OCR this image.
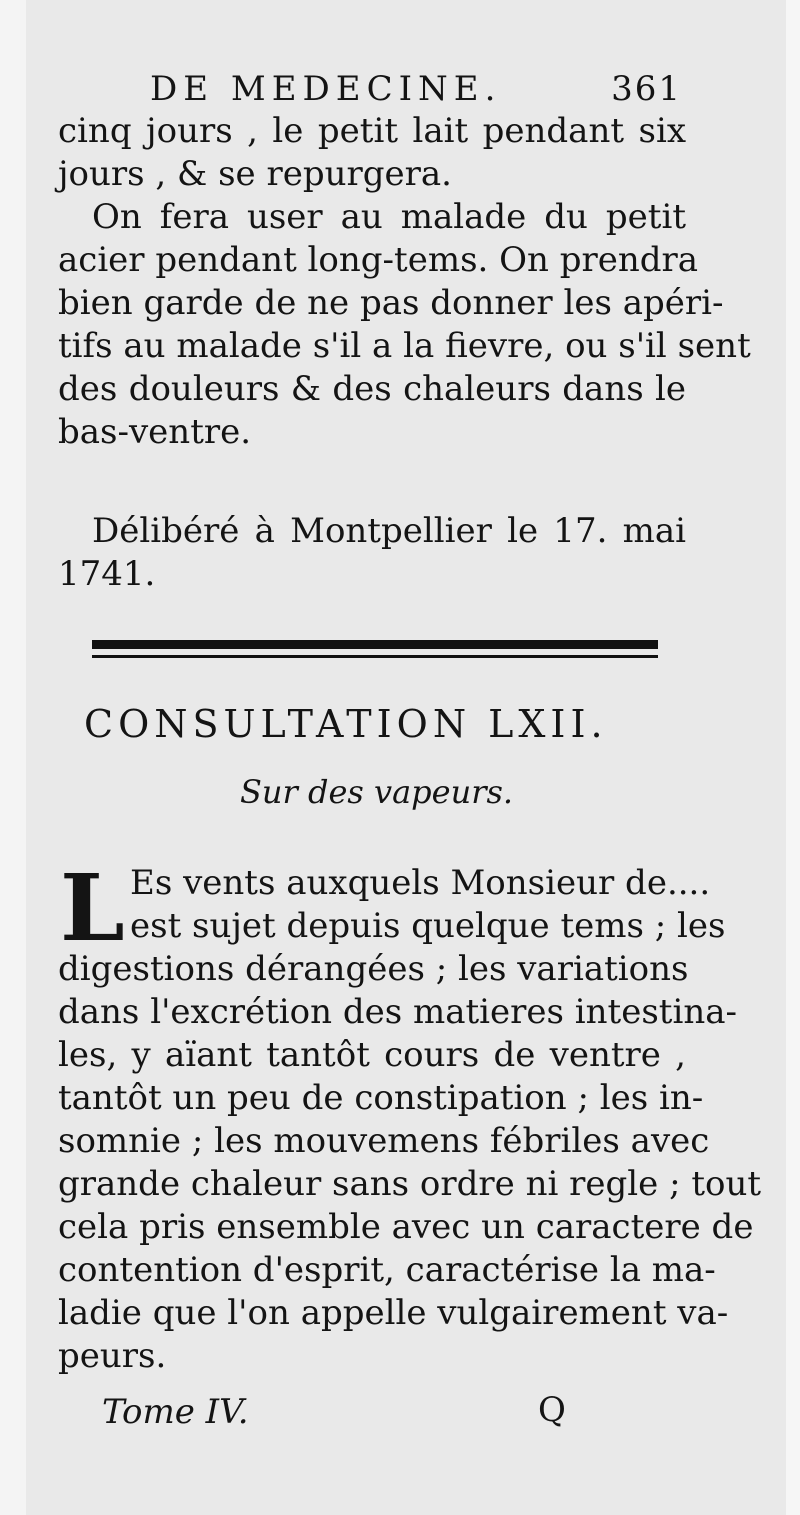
DE MEDECINE.	361

cinq jours , le petit lait pendant six

jours , & se repurgera.

On fera user au malade du petit

acier pendant long-tems. On prendra

bien garde de ne pas donner les apéri-

tifs au malade s'il a la fievre, ou s'il sent

des douleurs & des chaleurs dans le

bas-ventre.

Délibéré à Montpellier le 17. mai

1741.

CONSULTATION LXII.
Sur des vapeurs.
L Es vents auxquels Monsieur de....

est sujet depuis quelque tems ; les

digestions dérangées ; les variations

dans l'excrétion des matieres intestina-

les, y aïant tantôt cours de ventre ,

tantôt un peu de constipation ; les in-

somnie ; les mouvemens fébriles avec

grande chaleur sans ordre ni regle ; tout

cela pris ensemble avec un caractere de

contention d'esprit, caractérise la ma-

ladie que l'on appelle vulgairement va-

peurs.

Tome IV.	Q
